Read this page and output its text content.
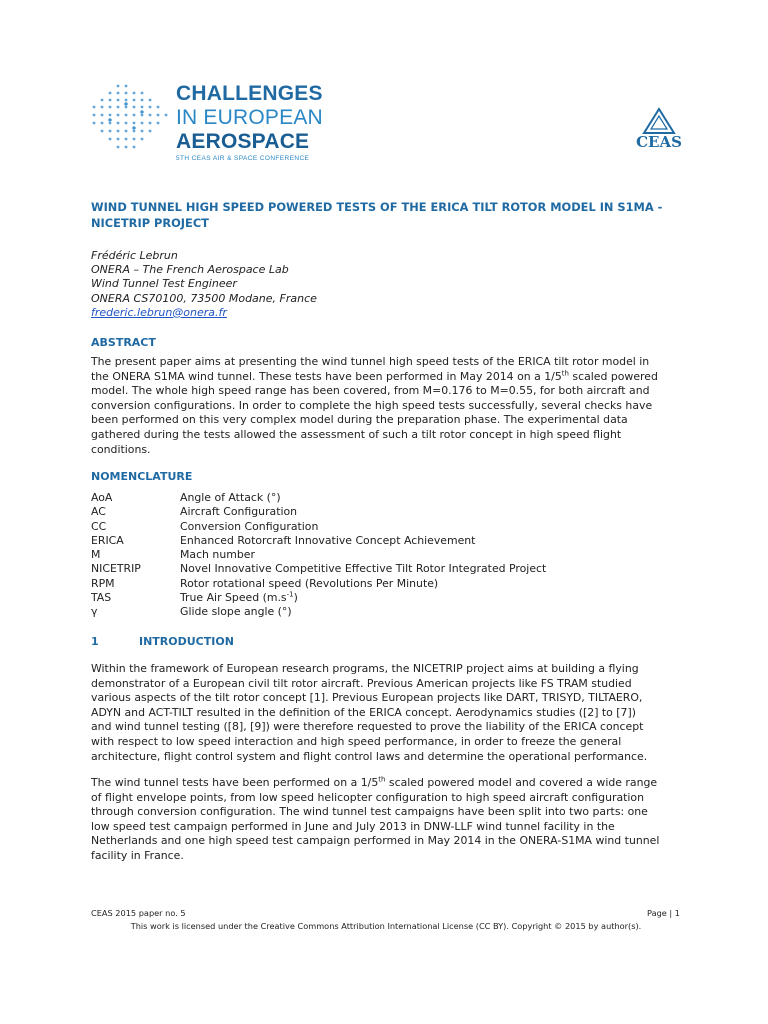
CHALLENGES
IN EUROPEAN
AEROSPACE
5TH CEAS AIR & SPACE CONFERENCE
CEAS
WIND TUNNEL HIGH SPEED POWERED TESTS OF THE ERICA TILT ROTOR MODEL IN S1MA -
NICETRIP PROJECT
Frédéric Lebrun
ONERA – The French Aerospace Lab
Wind Tunnel Test Engineer
ONERA CS70100, 73500 Modane, France
frederic.lebrun@onera.fr
ABSTRACT
The present paper aims at presenting the wind tunnel high speed tests of the ERICA tilt rotor model in
the ONERA S1MA wind tunnel. These tests have been performed in May 2014 on a 1/5th scaled powered
model. The whole high speed range has been covered, from M=0.176 to M=0.55, for both aircraft and
conversion configurations. In order to complete the high speed tests successfully, several checks have
been performed on this very complex model during the preparation phase. The experimental data
gathered during the tests allowed the assessment of such a tilt rotor concept in high speed flight
conditions.
NOMENCLATURE
AoA	Angle of Attack (°)
AC	Aircraft Configuration
CC	Conversion Configuration
ERICA	Enhanced Rotorcraft Innovative Concept Achievement
M	Mach number
NICETRIP	Novel Innovative Competitive Effective Tilt Rotor Integrated Project
RPM	Rotor rotational speed (Revolutions Per Minute)
TAS	True Air Speed $(m.s^{-1})$
γ	Glide slope angle (°)
1	INTRODUCTION
Within the framework of European research programs, the NICETRIP project aims at building a flying
demonstrator of a European civil tilt rotor aircraft. Previous American projects like FS TRAM studied
various aspects of the tilt rotor concept [1]. Previous European projects like DART, TRISYD, TILTAERO,
ADYN and ACT-TILT resulted in the definition of the ERICA concept. Aerodynamics studies ([2] to [7])
and wind tunnel testing ([8], [9]) were therefore requested to prove the liability of the ERICA concept
with respect to low speed interaction and high speed performance, in order to freeze the general
architecture, flight control system and flight control laws and determine the operational performance.
The wind tunnel tests have been performed on a 1/5th scaled powered model and covered a wide range
of flight envelope points, from low speed helicopter configuration to high speed aircraft configuration
through conversion configuration. The wind tunnel test campaigns have been split into two parts: one
low speed test campaign performed in June and July 2013 in DNW-LLF wind tunnel facility in the
Netherlands and one high speed test campaign performed in May 2014 in the ONERA-S1MA wind tunnel
facility in France.
CEAS 2015 paper no. 5	Page | 1
This work is licensed under the Creative Commons Attribution International License (CC BY). Copyright © 2015 by author(s).
